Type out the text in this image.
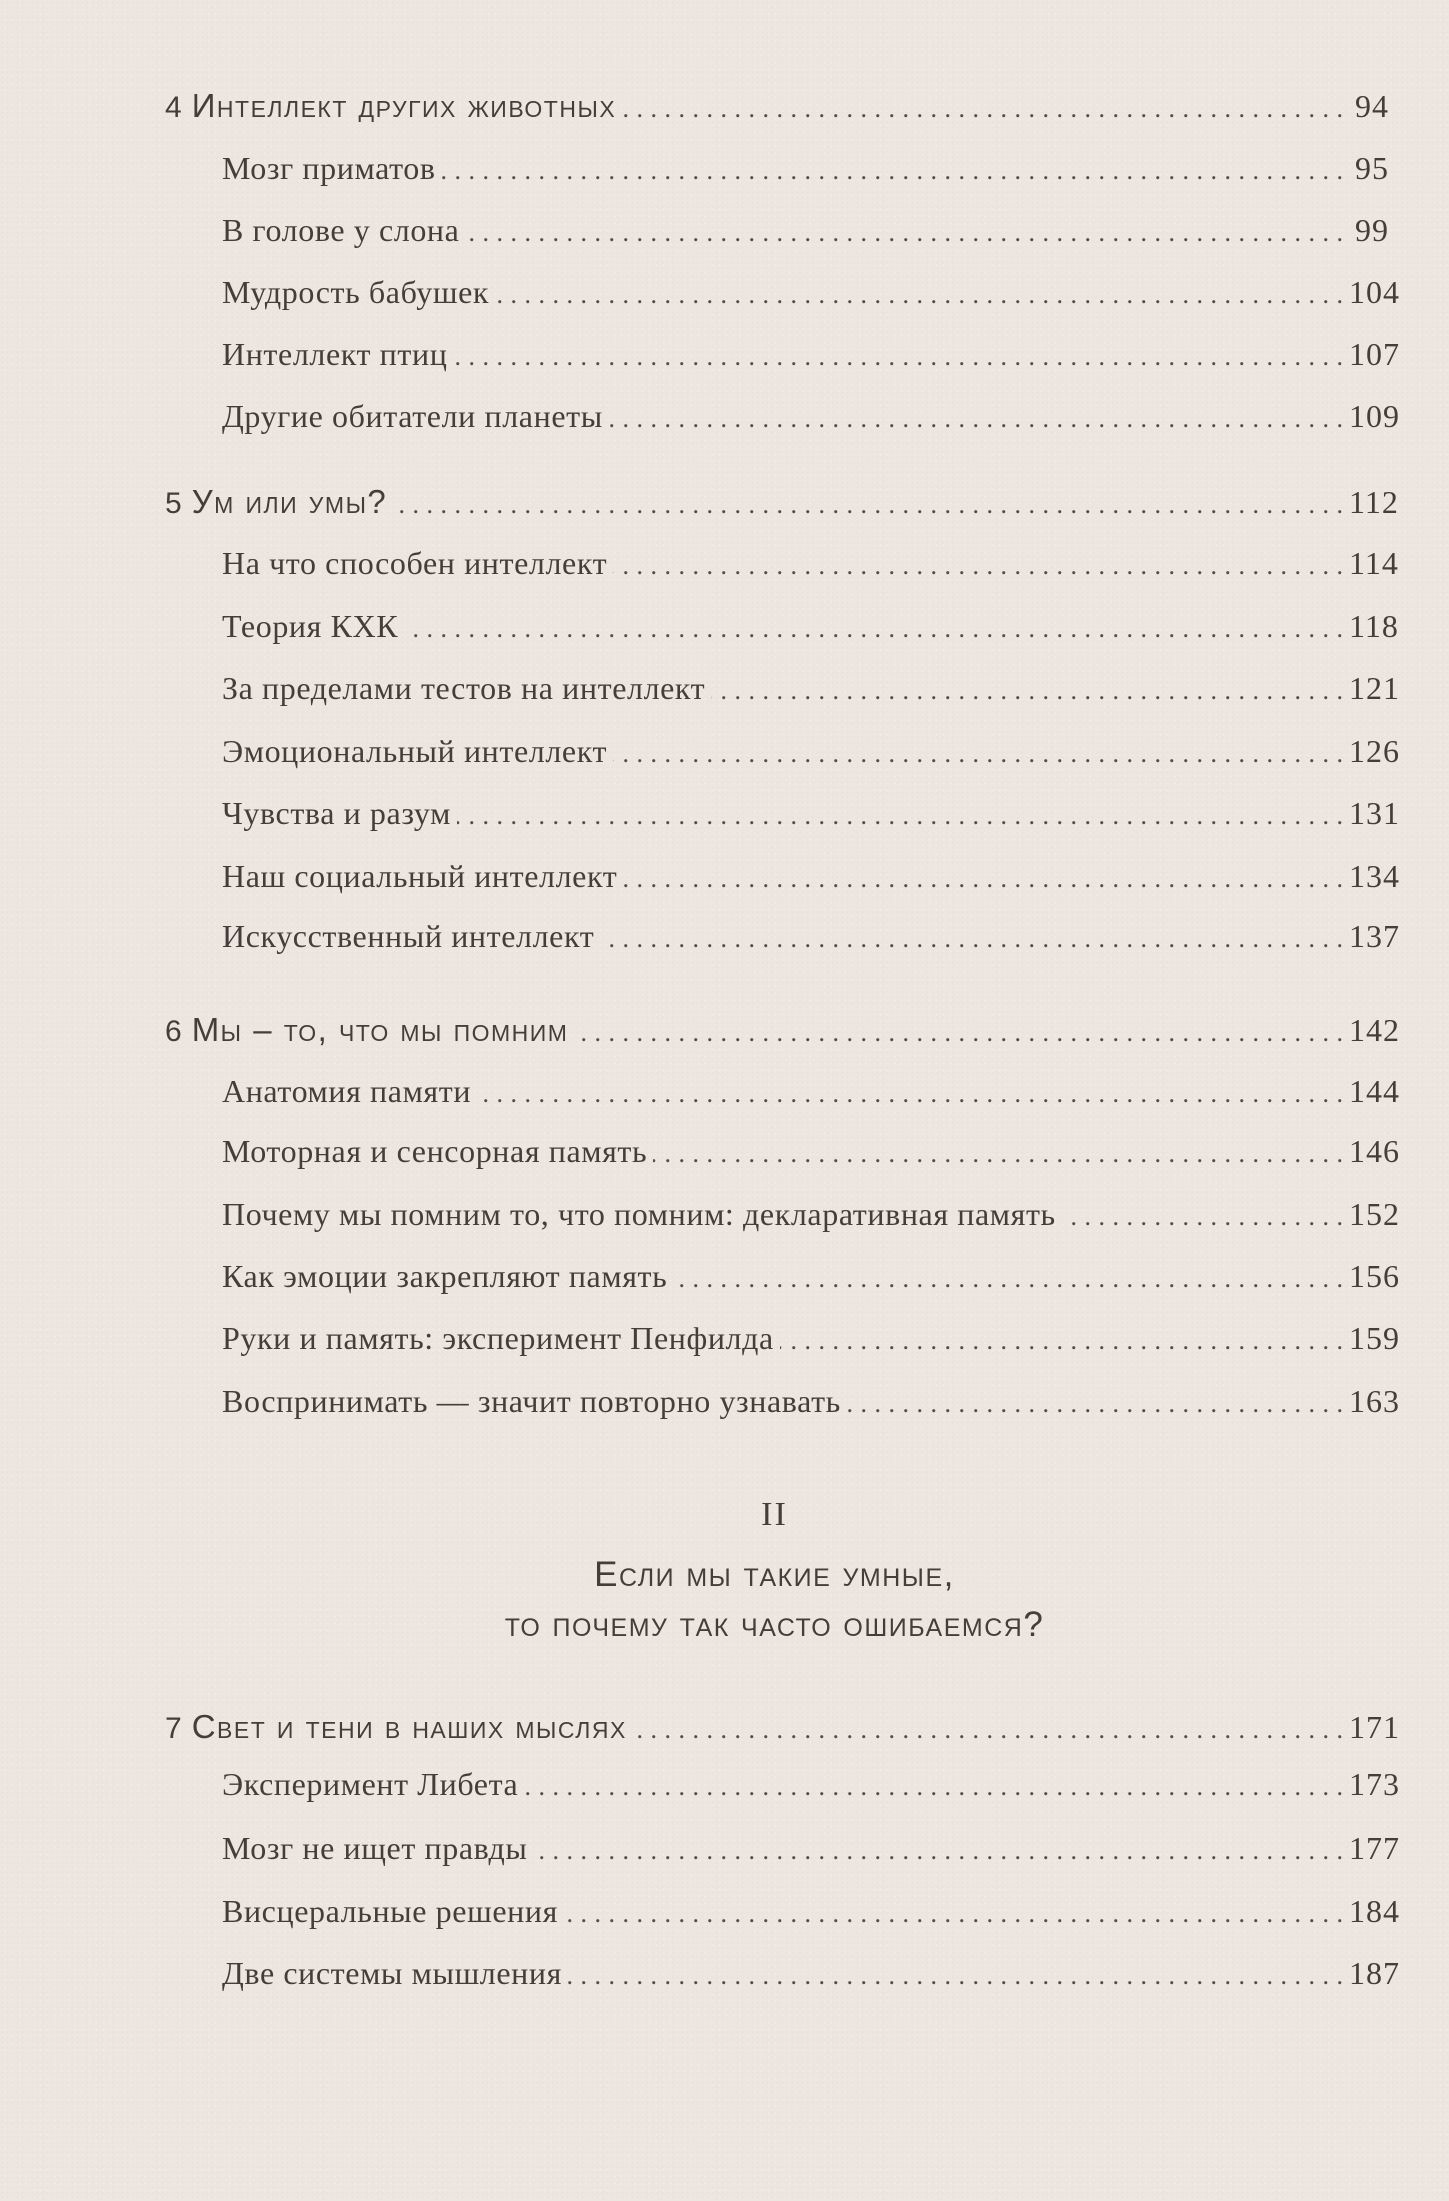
4 Интеллект других животных . . .	94
Мозг приматов . . .	95
В голове у слона . . .	99
Мудрость бабушек . . .	104
Интеллект птиц . . .	107
Другие обитатели планеты . . .	109
5 Ум или умы? . . .	112
На что способен интеллект . . .	114
Теория КХК . . .	118
За пределами тестов на интеллект . . .	121
Эмоциональный интеллект . . .	126
Чувства и разум . . .	131
Наш социальный интеллект . . .	134
Искусственный интеллект . . .	137
6 Мы – то, что мы помним . . .	142
Анатомия памяти . . .	144
Моторная и сенсорная память . . .	146
Почему мы помним то, что помним: декларативная память . . .	152
Как эмоции закрепляют память . . .	156
Руки и память: эксперимент Пенфилда . . .	159
Воспринимать — значит повторно узнавать . . .	163
II
Если мы такие умные,
то почему так часто ошибаемся?
7 Свет и тени в наших мыслях . . .	171
Эксперимент Либета . . .	173
Мозг не ищет правды . . .	177
Висцеральные решения . . .	184
Две системы мышления . . .	187
